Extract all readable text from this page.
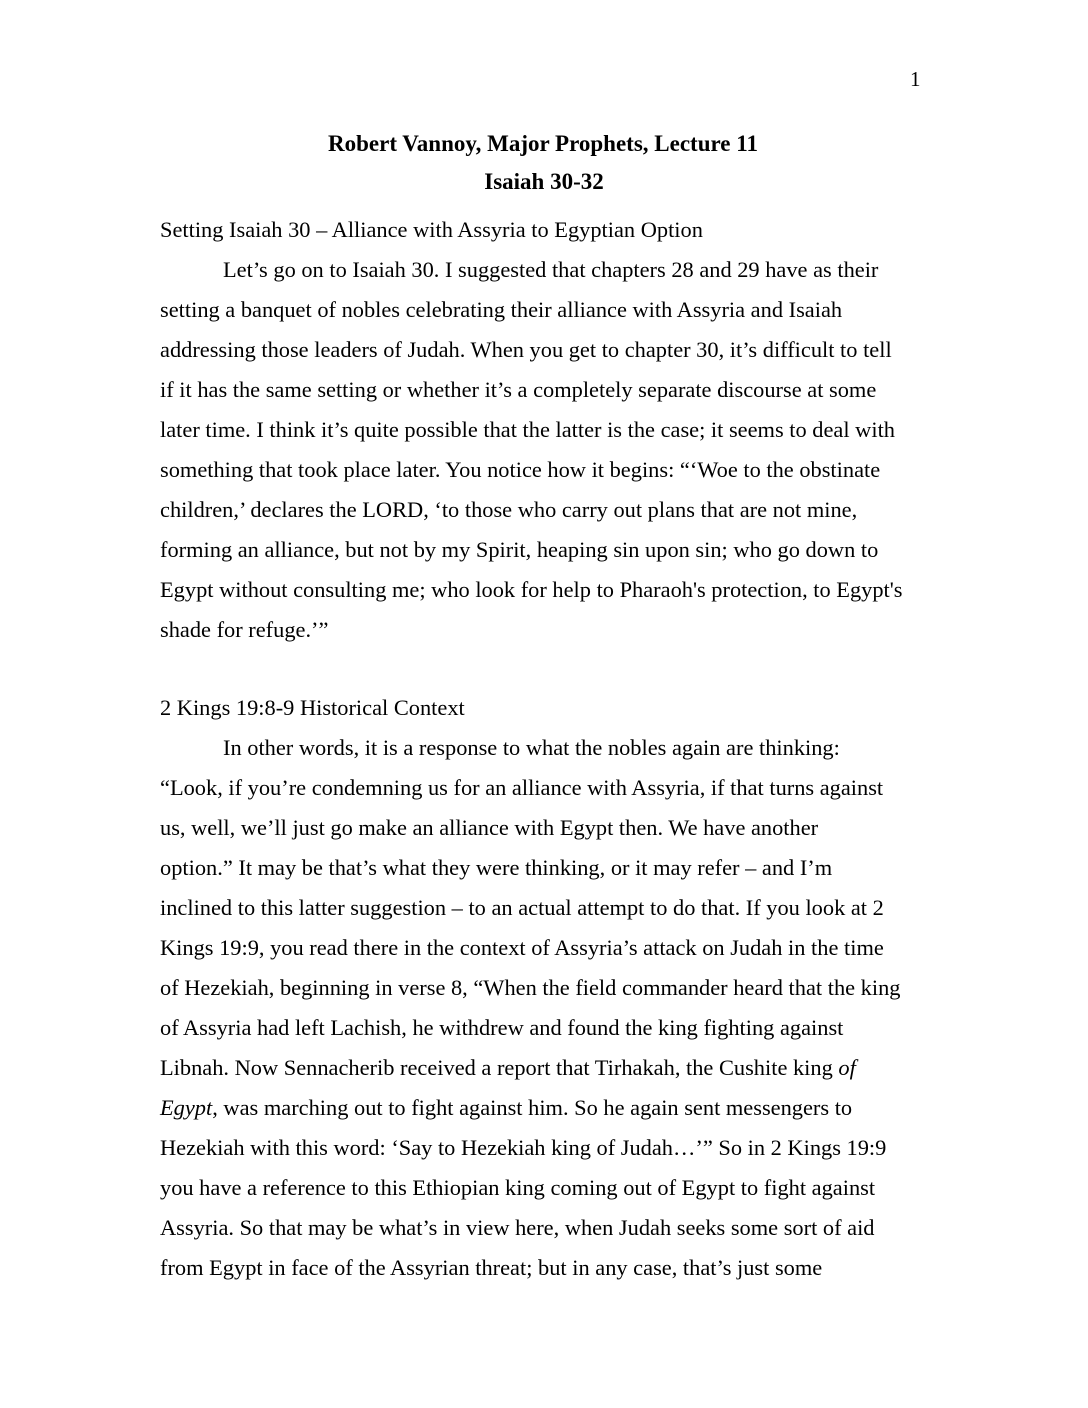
1
Robert Vannoy, Major Prophets, Lecture 11
Isaiah 30-32
Setting Isaiah 30 – Alliance with Assyria to Egyptian Option
Let’s go on to Isaiah 30. I suggested that chapters 28 and 29 have as their
setting a banquet of nobles celebrating their alliance with Assyria and Isaiah
addressing those leaders of Judah. When you get to chapter 30, it’s difficult to tell
if it has the same setting or whether it’s a completely separate discourse at some
later time. I think it’s quite possible that the latter is the case; it seems to deal with
something that took place later. You notice how it begins: “‘Woe to the obstinate
children,’ declares the LORD, ‘to those who carry out plans that are not mine,
forming an alliance, but not by my Spirit, heaping sin upon sin; who go down to
Egypt without consulting me; who look for help to Pharaoh's protection, to Egypt's
shade for refuge.’”
2 Kings 19:8-9 Historical Context
In other words, it is a response to what the nobles again are thinking:
“Look, if you’re condemning us for an alliance with Assyria, if that turns against
us, well, we’ll just go make an alliance with Egypt then. We have another
option.” It may be that’s what they were thinking, or it may refer – and I’m
inclined to this latter suggestion – to an actual attempt to do that. If you look at 2
Kings 19:9, you read there in the context of Assyria’s attack on Judah in the time
of Hezekiah, beginning in verse 8, “When the field commander heard that the king
of Assyria had left Lachish, he withdrew and found the king fighting against
Libnah. Now Sennacherib received a report that Tirhakah, the Cushite king of
Egypt, was marching out to fight against him. So he again sent messengers to
Hezekiah with this word: ‘Say to Hezekiah king of Judah…’” So in 2 Kings 19:9
you have a reference to this Ethiopian king coming out of Egypt to fight against
Assyria. So that may be what’s in view here, when Judah seeks some sort of aid
from Egypt in face of the Assyrian threat; but in any case, that’s just some
